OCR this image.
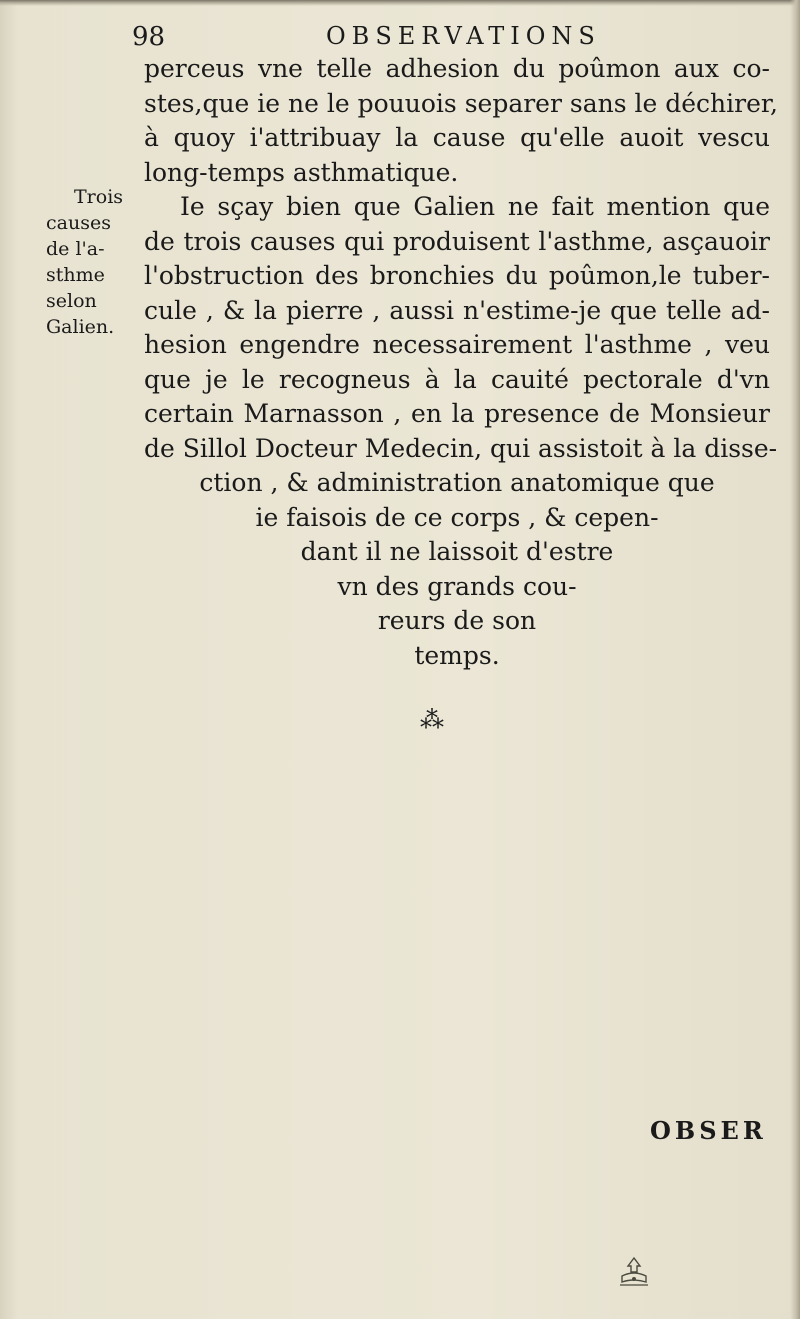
98	OBSERVATIONS
Trois
causes
de l'a-
sthme
selon
Galien.
perceus vne telle adhesion du poûmon aux co-
stes,que ie ne le pouuois separer sans le déchirer,
à quoy i'attribuay la cause qu'elle auoit vescu
long-temps asthmatique.
Ie sçay bien que Galien ne fait mention que
de trois causes qui produisent l'asthme, asçauoir
l'obstruction des bronchies du poûmon,le tuber-
cule , & la pierre , aussi n'estime-je que telle ad-
hesion engendre necessairement l'asthme , veu
que je le recogneus à la cauité pectorale d'vn
certain Marnasson , en la presence de Monsieur
de Sillol Docteur Medecin, qui assistoit à la disse-
ction , & administration anatomique que
ie faisois de ce corps , & cepen-
dant il ne laissoit d'estre
vn des grands cou-
reurs de son
temps.
⁂
OBSER
